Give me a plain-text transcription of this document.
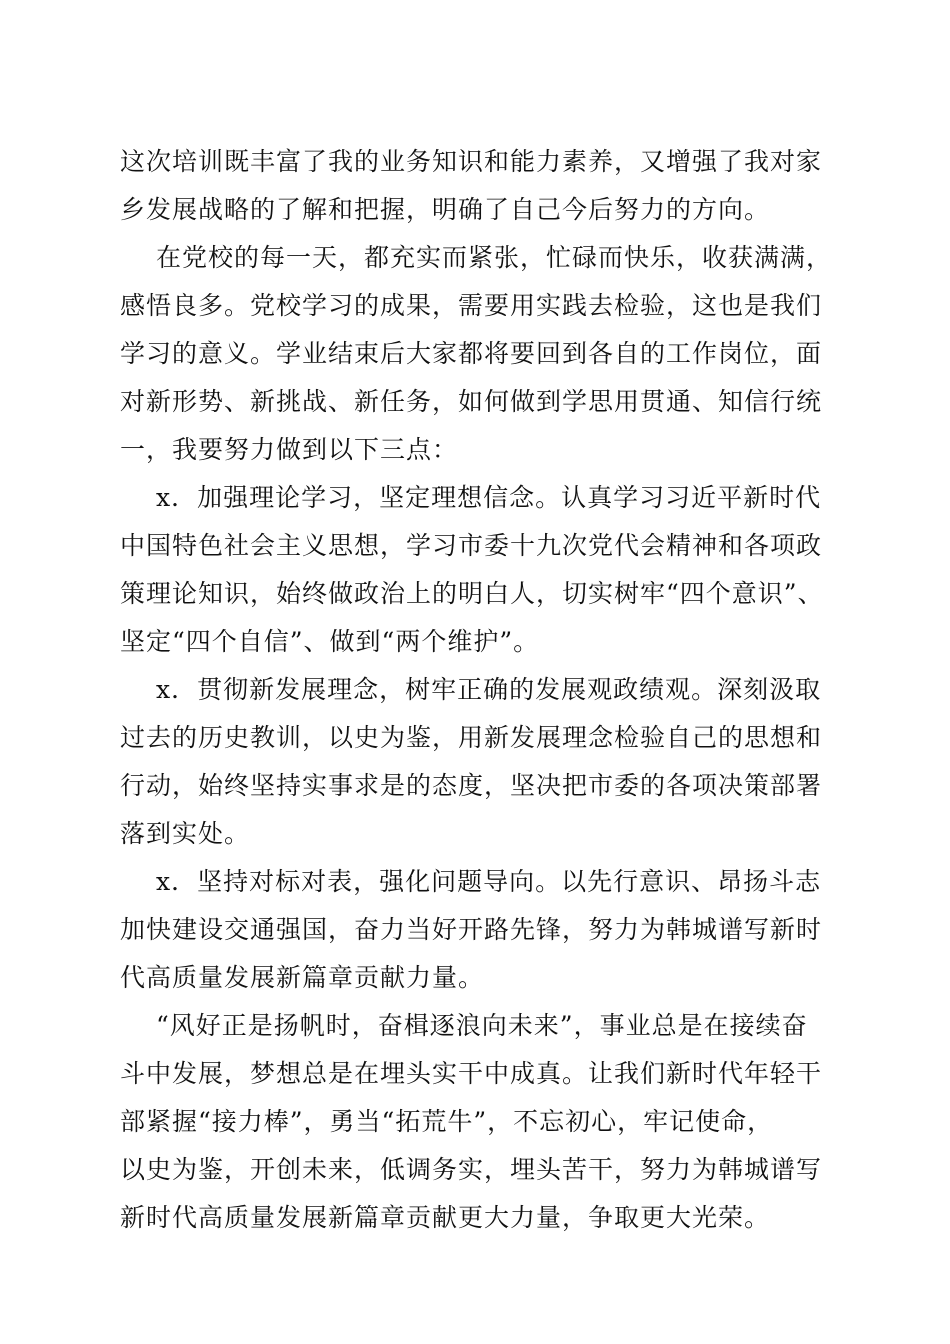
这次培训既丰富了我的业务知识和能力素养，又增强了我对家
乡发展战略的了解和把握，明确了自己今后努力的方向。
在党校的每一天，都充实而紧张，忙碌而快乐，收获满满，
感悟良多。党校学习的成果，需要用实践去检验，这也是我们
学习的意义。学业结束后大家都将要回到各自的工作岗位，面
对新形势、新挑战、新任务，如何做到学思用贯通、知信行统
一，我要努力做到以下三点：
x．加强理论学习，坚定理想信念。认真学习习近平新时代
中国特色社会主义思想，学习市委十九次党代会精神和各项政
策理论知识，始终做政治上的明白人，切实树牢“四个意识”、
坚定“四个自信”、做到“两个维护”。
x．贯彻新发展理念，树牢正确的发展观政绩观。深刻汲取
过去的历史教训，以史为鉴，用新发展理念检验自己的思想和
行动，始终坚持实事求是的态度，坚决把市委的各项决策部署
落到实处。
x．坚持对标对表，强化问题导向。以先行意识、昂扬斗志
加快建设交通强国，奋力当好开路先锋，努力为韩城谱写新时
代高质量发展新篇章贡献力量。
“风好正是扬帆时，奋楫逐浪向未来”，事业总是在接续奋
斗中发展，梦想总是在埋头实干中成真。让我们新时代年轻干
部紧握“接力棒”，勇当“拓荒牛”，不忘初心，牢记使命，
以史为鉴，开创未来，低调务实，埋头苦干，努力为韩城谱写
新时代高质量发展新篇章贡献更大力量，争取更大光荣。
